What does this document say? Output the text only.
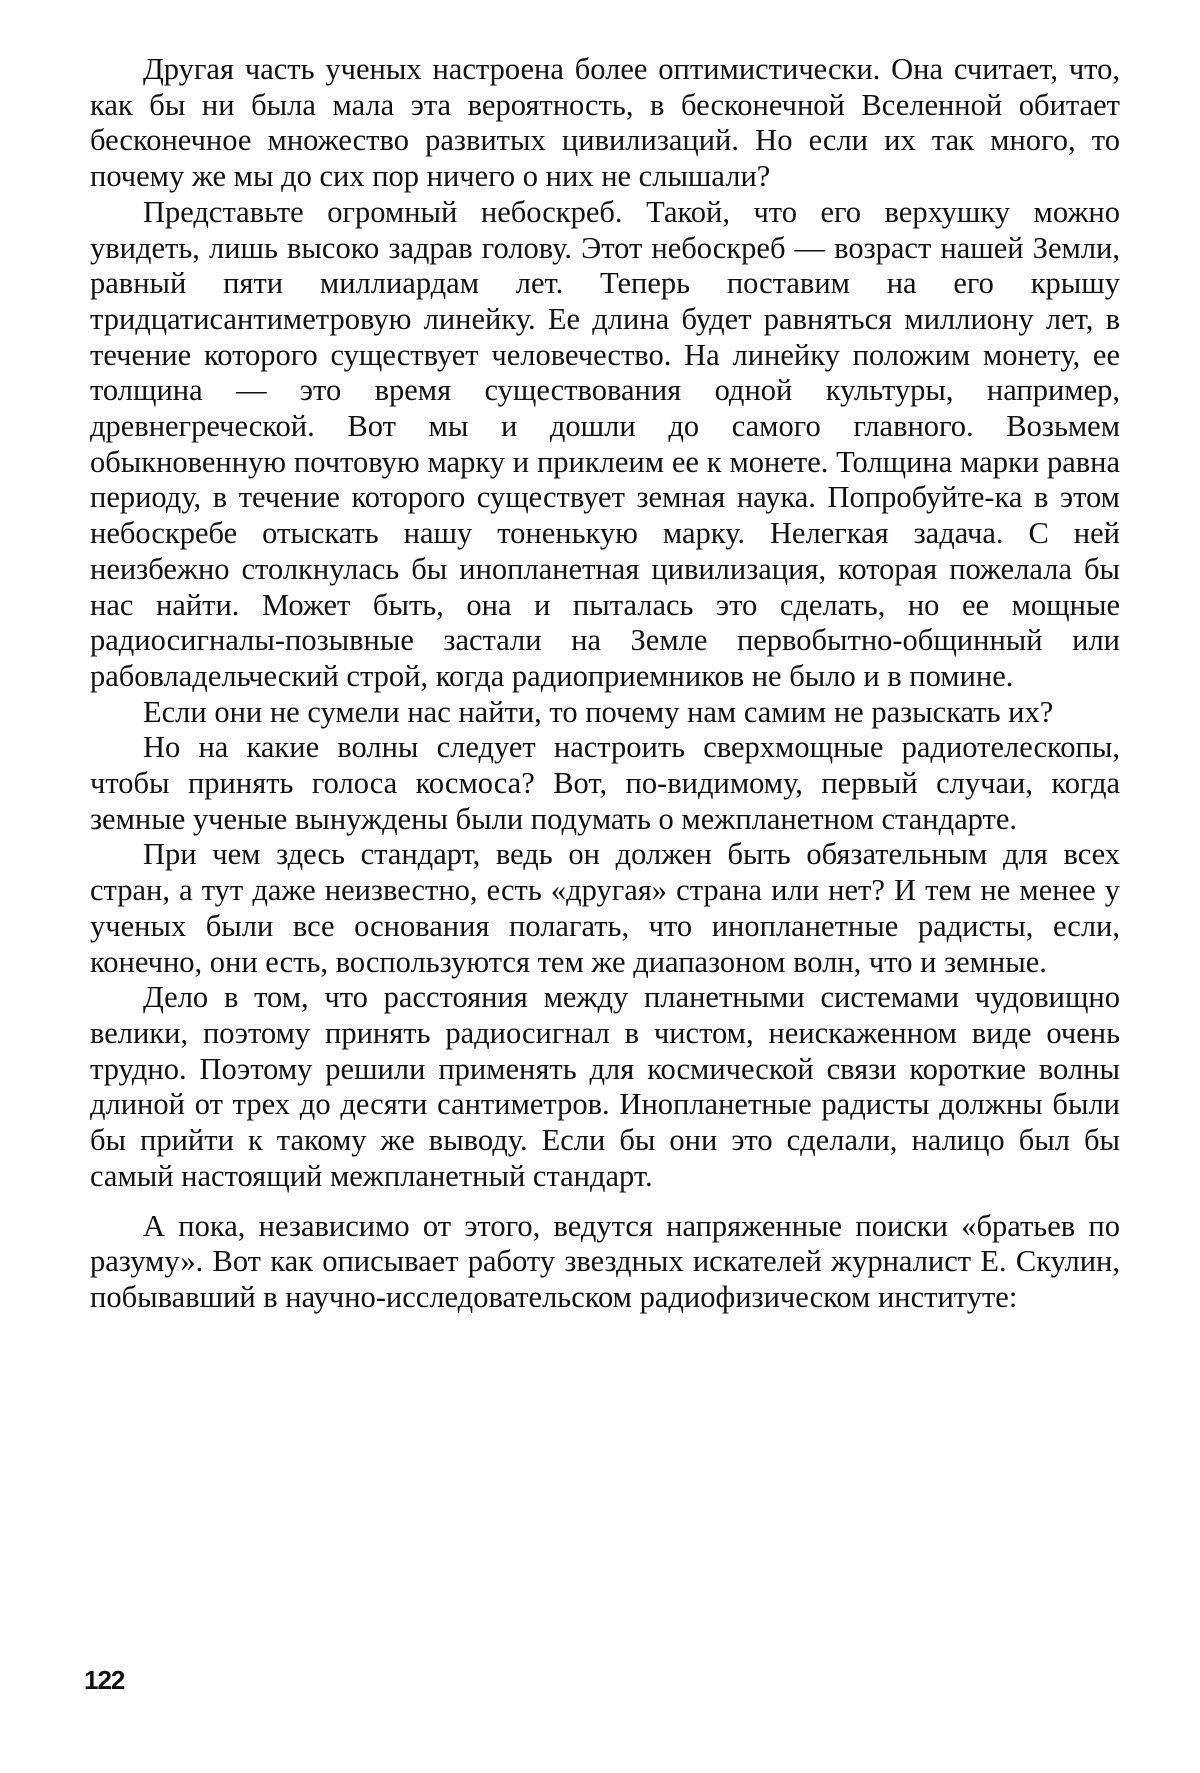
Другая часть ученых настроена более оптимистически. Она считает, что, как бы ни была мала эта вероятность, в бесконечной Вселенной обитает бесконечное множество развитых цивилизаций. Но если их так много, то почему же мы до сих пор ничего о них не слышали?

Представьте огромный небоскреб. Такой, что его верхушку можно увидеть, лишь высоко задрав голову. Этот небоскреб — возраст нашей Земли, равный пяти миллиардам лет. Теперь поставим на его крышу тридцатисантиметровую линейку. Ее длина будет равняться миллиону лет, в течение которого существует человечество. На линейку положим монету, ее толщина — это время существования одной культуры, например, древнегреческой. Вот мы и дошли до самого главного. Возьмем обыкновенную почтовую марку и приклеим ее к монете. Толщина марки равна периоду, в течение которого существует земная наука. Попробуйте-ка в этом небоскребе отыскать нашу тоненькую марку. Нелегкая задача. С ней неизбежно столкнулась бы инопланетная цивилизация, которая пожелала бы нас найти. Может быть, она и пыталась это сделать, но ее мощные радиосигналы-позывные застали на Земле первобытно-общинный или рабовладельческий строй, когда радиоприемников не было и в помине.

Если они не сумели нас найти, то почему нам самим не разыскать их?

Но на какие волны следует настроить сверхмощные радиотелескопы, чтобы принять голоса космоса? Вот, по-видимому, первый случаи, когда земные ученые вынуждены были подумать о межпланетном стандарте.

При чем здесь стандарт, ведь он должен быть обязательным для всех стран, а тут даже неизвестно, есть «другая» страна или нет? И тем не менее у ученых были все основания полагать, что инопланетные радисты, если, конечно, они есть, воспользуются тем же диапазоном волн, что и земные.

Дело в том, что расстояния между планетными системами чудовищно велики, поэтому принять радиосигнал в чистом, неискаженном виде очень трудно. Поэтому решили применять для космической связи короткие волны длиной от трех до десяти сантиметров. Инопланетные радисты должны были бы прийти к такому же выводу. Если бы они это сделали, налицо был бы самый настоящий межпланетный стандарт.

А пока, независимо от этого, ведутся напряженные поиски «братьев по разуму». Вот как описывает работу звездных искателей журналист Е. Скулин, побывавший в научно-исследовательском радиофизическом институте:

122
